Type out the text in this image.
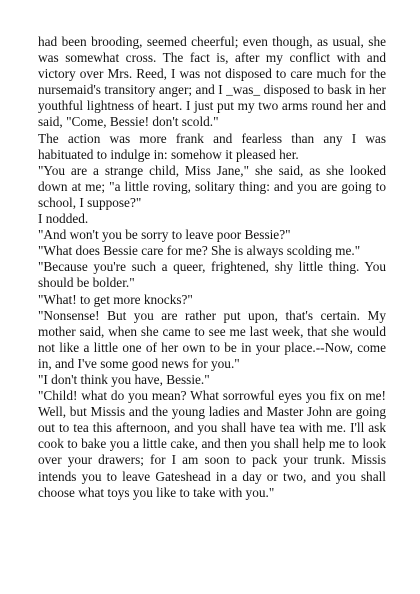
had been brooding, seemed cheerful; even though, as usual, she was somewhat cross. The fact is, after my conflict with and victory over Mrs. Reed, I was not disposed to care much for the nursemaid's transitory anger; and I _was_ disposed to bask in her youthful lightness of heart. I just put my two arms round her and said, "Come, Bessie! don't scold."

The action was more frank and fearless than any I was habituated to indulge in: somehow it pleased her.

"You are a strange child, Miss Jane," she said, as she looked down at me; "a little roving, solitary thing: and you are going to school, I suppose?"

I nodded.

"And won't you be sorry to leave poor Bessie?"

"What does Bessie care for me? She is always scolding me."

"Because you're such a queer, frightened, shy little thing. You should be bolder."

"What! to get more knocks?"

"Nonsense! But you are rather put upon, that's certain. My mother said, when she came to see me last week, that she would not like a little one of her own to be in your place.--Now, come in, and I've some good news for you."

"I don't think you have, Bessie."

"Child! what do you mean? What sorrowful eyes you fix on me! Well, but Missis and the young ladies and Master John are going out to tea this afternoon, and you shall have tea with me. I'll ask cook to bake you a little cake, and then you shall help me to look over your drawers; for I am soon to pack your trunk. Missis intends you to leave Gateshead in a day or two, and you shall choose what toys you like to take with you."
